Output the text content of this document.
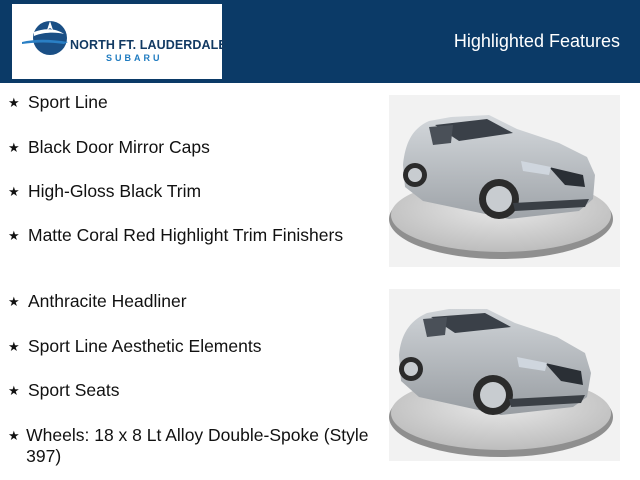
NORTH FT. LAUDERDALE
SUBARU
Highlighted Features
★ Sport Line
★ Black Door Mirror Caps
★ High-Gloss Black Trim
★ Matte Coral Red Highlight Trim Finishers
★ Anthracite Headliner
★ Sport Line Aesthetic Elements
★ Sport Seats
★ Wheels: 18 x 8 Lt Alloy Double-Spoke (Style 397)
